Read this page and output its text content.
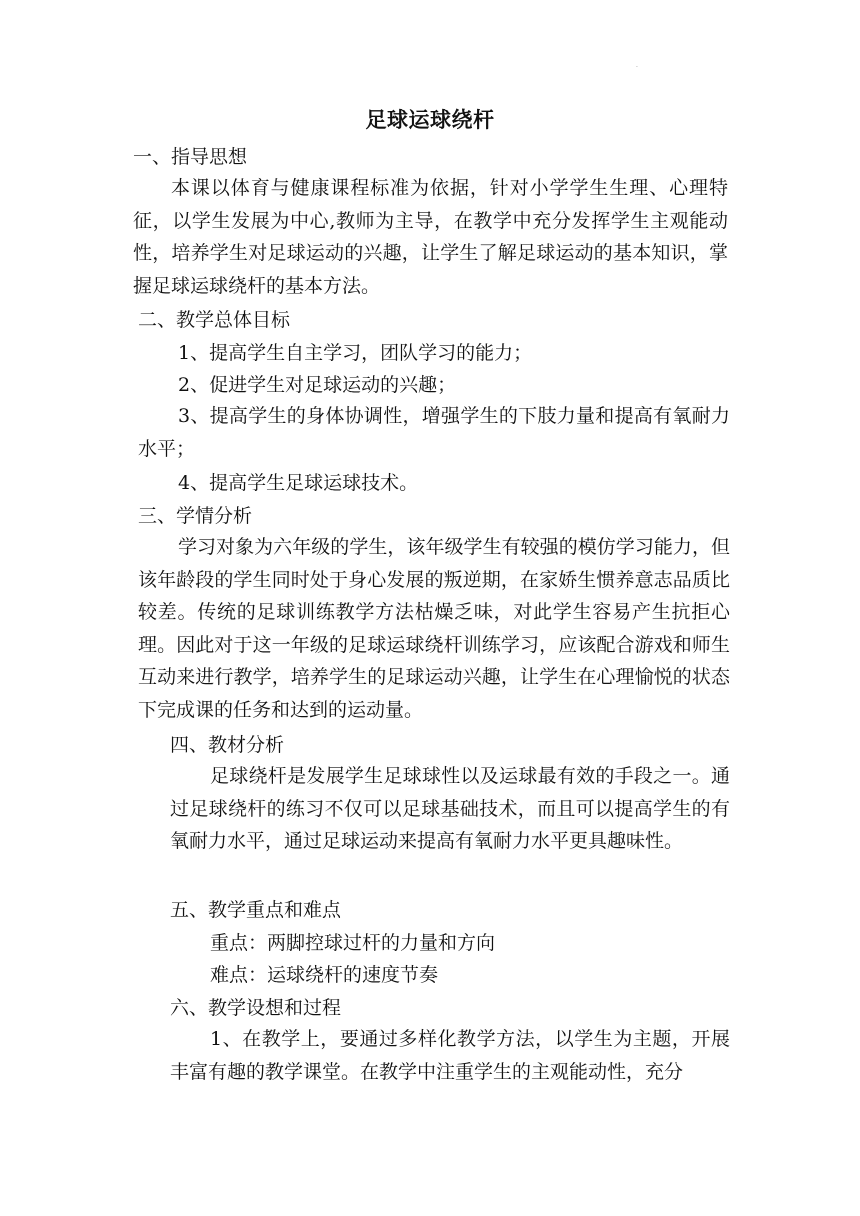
·
足球运球绕杆
一、指导思想
本课以体育与健康课程标准为依据，针对小学学生生理、心理特征，以学生发展为中心,教师为主导，在教学中充分发挥学生主观能动性，培养学生对足球运动的兴趣，让学生了解足球运动的基本知识，掌握足球运球绕杆的基本方法。
二、教学总体目标
1、提高学生自主学习，团队学习的能力；
2、促进学生对足球运动的兴趣；
3、提高学生的身体协调性，增强学生的下肢力量和提高有氧耐力水平；
4、提高学生足球运球技术。
三、学情分析
学习对象为六年级的学生，该年级学生有较强的模仿学习能力，但该年龄段的学生同时处于身心发展的叛逆期，在家娇生惯养意志品质比较差。传统的足球训练教学方法枯燥乏味，对此学生容易产生抗拒心理。因此对于这一年级的足球运球绕杆训练学习，应该配合游戏和师生互动来进行教学，培养学生的足球运动兴趣，让学生在心理愉悦的状态下完成课的任务和达到的运动量。
四、教材分析
足球绕杆是发展学生足球球性以及运球最有效的手段之一。通过足球绕杆的练习不仅可以足球基础技术，而且可以提高学生的有氧耐力水平，通过足球运动来提高有氧耐力水平更具趣味性。
五、教学重点和难点
重点：两脚控球过杆的力量和方向
难点：运球绕杆的速度节奏
六、教学设想和过程
1、在教学上，要通过多样化教学方法，以学生为主题，开展丰富有趣的教学课堂。在教学中注重学生的主观能动性，充分
